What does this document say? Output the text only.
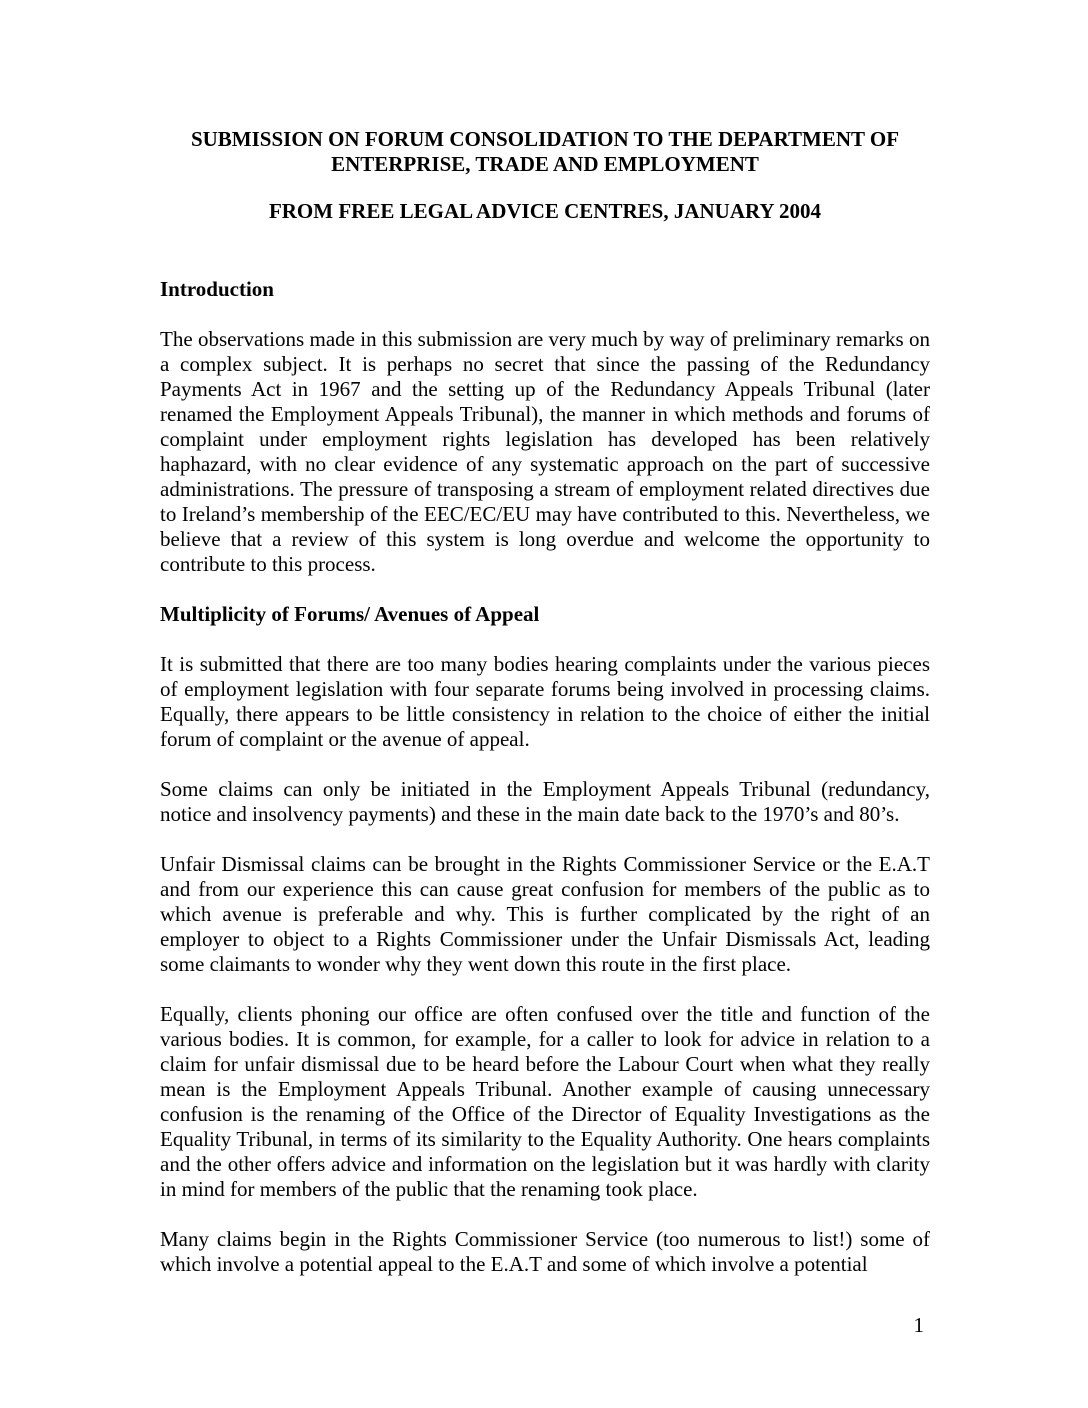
SUBMISSION ON FORUM CONSOLIDATION TO THE DEPARTMENT OF
ENTERPRISE, TRADE AND EMPLOYMENT
FROM FREE LEGAL ADVICE CENTRES, JANUARY 2004
Introduction

The observations made in this submission are very much by way of preliminary remarks on a complex subject. It is perhaps no secret that since the passing of the Redundancy Payments Act in 1967 and the setting up of the Redundancy Appeals Tribunal (later renamed the Employment Appeals Tribunal), the manner in which methods and forums of complaint under employment rights legislation has developed has been relatively haphazard, with no clear evidence of any systematic approach on the part of successive administrations. The pressure of transposing a stream of employment related directives due to Ireland’s membership of the EEC/EC/EU may have contributed to this. Nevertheless, we believe that a review of this system is long overdue and welcome the opportunity to contribute to this process.

Multiplicity of Forums/ Avenues of Appeal

It is submitted that there are too many bodies hearing complaints under the various pieces of employment legislation with four separate forums being involved in processing claims. Equally, there appears to be little consistency in relation to the choice of either the initial forum of complaint or the avenue of appeal.

Some claims can only be initiated in the Employment Appeals Tribunal (redundancy, notice and insolvency payments) and these in the main date back to the 1970’s and 80’s.

Unfair Dismissal claims can be brought in the Rights Commissioner Service or the E.A.T and from our experience this can cause great confusion for members of the public as to which avenue is preferable and why. This is further complicated by the right of an employer to object to a Rights Commissioner under the Unfair Dismissals Act, leading some claimants to wonder why they went down this route in the first place.

Equally, clients phoning our office are often confused over the title and function of the various bodies. It is common, for example, for a caller to look for advice in relation to a claim for unfair dismissal due to be heard before the Labour Court when what they really mean is the Employment Appeals Tribunal. Another example of causing unnecessary confusion is the renaming of the Office of the Director of Equality Investigations as the Equality Tribunal, in terms of its similarity to the Equality Authority. One hears complaints and the other offers advice and information on the legislation but it was hardly with clarity in mind for members of the public that the renaming took place.

Many claims begin in the Rights Commissioner Service (too numerous to list!) some of which involve a potential appeal to the E.A.T and some of which involve a potential

1
